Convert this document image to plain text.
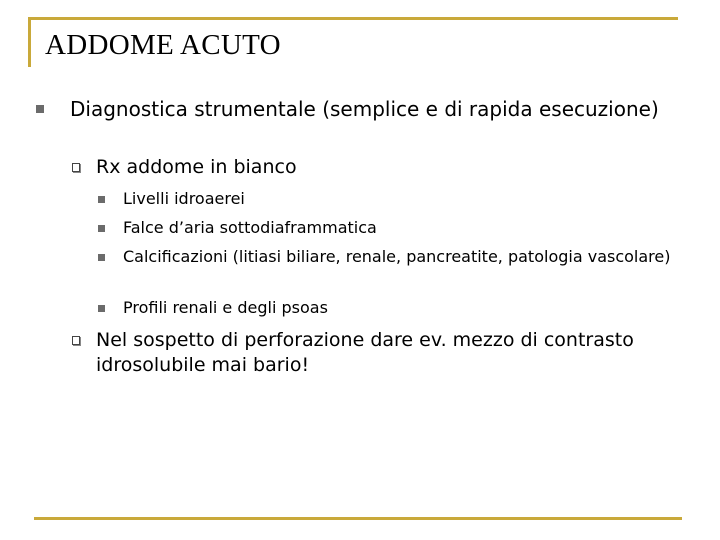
ADDOME ACUTO
Diagnostica strumentale (semplice e di rapida esecuzione)
Rx addome in bianco
Livelli idroaerei
Falce d’aria sottodiaframmatica
Calcificazioni (litiasi biliare, renale, pancreatite, patologia vascolare)
Profili renali e degli psoas
Nel sospetto di perforazione dare ev. mezzo di contrasto idrosolubile mai bario!
